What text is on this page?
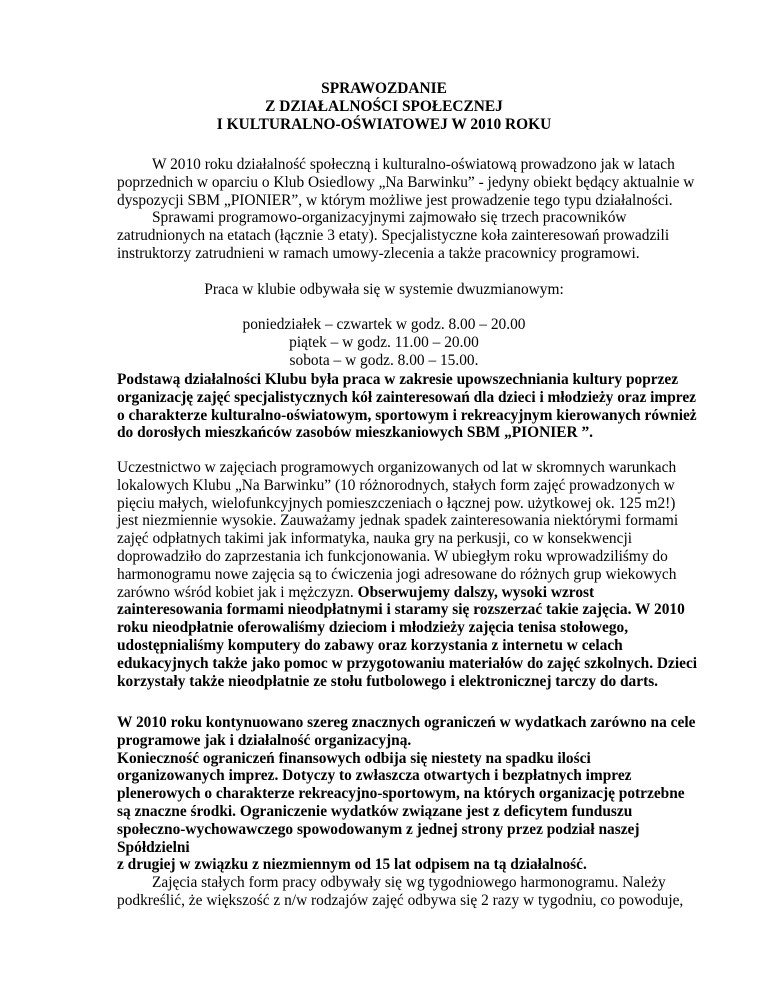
SPRAWOZDANIE
Z DZIAŁALNOŚCI SPOŁECZNEJ
I KULTURALNO-OŚWIATOWEJ W 2010 ROKU
W 2010 roku działalność społeczną i kulturalno-oświatową prowadzono jak w latach
poprzednich w oparciu o Klub Osiedlowy „Na Barwinku” - jedyny obiekt będący aktualnie w
dyspozycji SBM „PIONIER”, w którym możliwe jest prowadzenie tego typu działalności.
Sprawami programowo-organizacyjnymi zajmowało się trzech pracowników
zatrudnionych na etatach (łącznie 3 etaty). Specjalistyczne koła zainteresowań prowadzili
instruktorzy zatrudnieni w ramach umowy-zlecenia a także pracownicy programowi.
Praca w klubie odbywała się w systemie dwuzmianowym:
poniedziałek – czwartek w godz. 8.00 – 20.00
piątek – w godz. 11.00 – 20.00
sobota – w godz. 8.00 – 15.00.
Podstawą działalności Klubu była praca w zakresie upowszechniania kultury poprzez
organizację zajęć specjalistycznych kół zainteresowań dla dzieci i młodzieży oraz imprez
o charakterze kulturalno-oświatowym, sportowym i rekreacyjnym kierowanych również
do dorosłych mieszkańców zasobów mieszkaniowych SBM „PIONIER ”.
Uczestnictwo w zajęciach programowych organizowanych od lat w skromnych warunkach
lokalowych Klubu „Na Barwinku” (10 różnorodnych, stałych form zajęć prowadzonych w
pięciu małych, wielofunkcyjnych pomieszczeniach o łącznej pow. użytkowej ok. 125 m2!)
jest niezmiennie wysokie. Zauważamy jednak spadek zainteresowania niektórymi formami
zajęć odpłatnych takimi jak informatyka, nauka gry na perkusji, co w konsekwencji
doprowadziło do zaprzestania ich funkcjonowania. W ubiegłym roku wprowadziliśmy do
harmonogramu nowe zajęcia są to ćwiczenia jogi adresowane do różnych grup wiekowych
zarówno wśród kobiet jak i mężczyzn. Obserwujemy dalszy, wysoki wzrost
zainteresowania formami nieodpłatnymi i staramy się rozszerzać takie zajęcia. W 2010
roku nieodpłatnie oferowaliśmy dzieciom i młodzieży zajęcia tenisa stołowego,
udostępnialiśmy komputery do zabawy oraz korzystania z internetu w celach
edukacyjnych także jako pomoc w przygotowaniu materiałów do zajęć szkolnych. Dzieci
korzystały także nieodpłatnie ze stołu futbolowego i elektronicznej tarczy do darts.
W 2010 roku kontynuowano szereg znacznych ograniczeń w wydatkach zarówno na cele
programowe jak i działalność organizacyjną.
Konieczność ograniczeń finansowych odbija się niestety na spadku ilości
organizowanych imprez. Dotyczy to zwłaszcza otwartych i bezpłatnych imprez
plenerowych o charakterze rekreacyjno-sportowym, na których organizację potrzebne
są znaczne środki. Ograniczenie wydatków związane jest z deficytem funduszu
społeczno-wychowawczego spowodowanym z jednej strony przez podział naszej
Spółdzielni
z drugiej w związku z niezmiennym od 15 lat odpisem na tą działalność.
Zajęcia stałych form pracy odbywały się wg tygodniowego harmonogramu. Należy
podkreślić, że większość z n/w rodzajów zajęć odbywa się 2 razy w tygodniu, co powoduje,
